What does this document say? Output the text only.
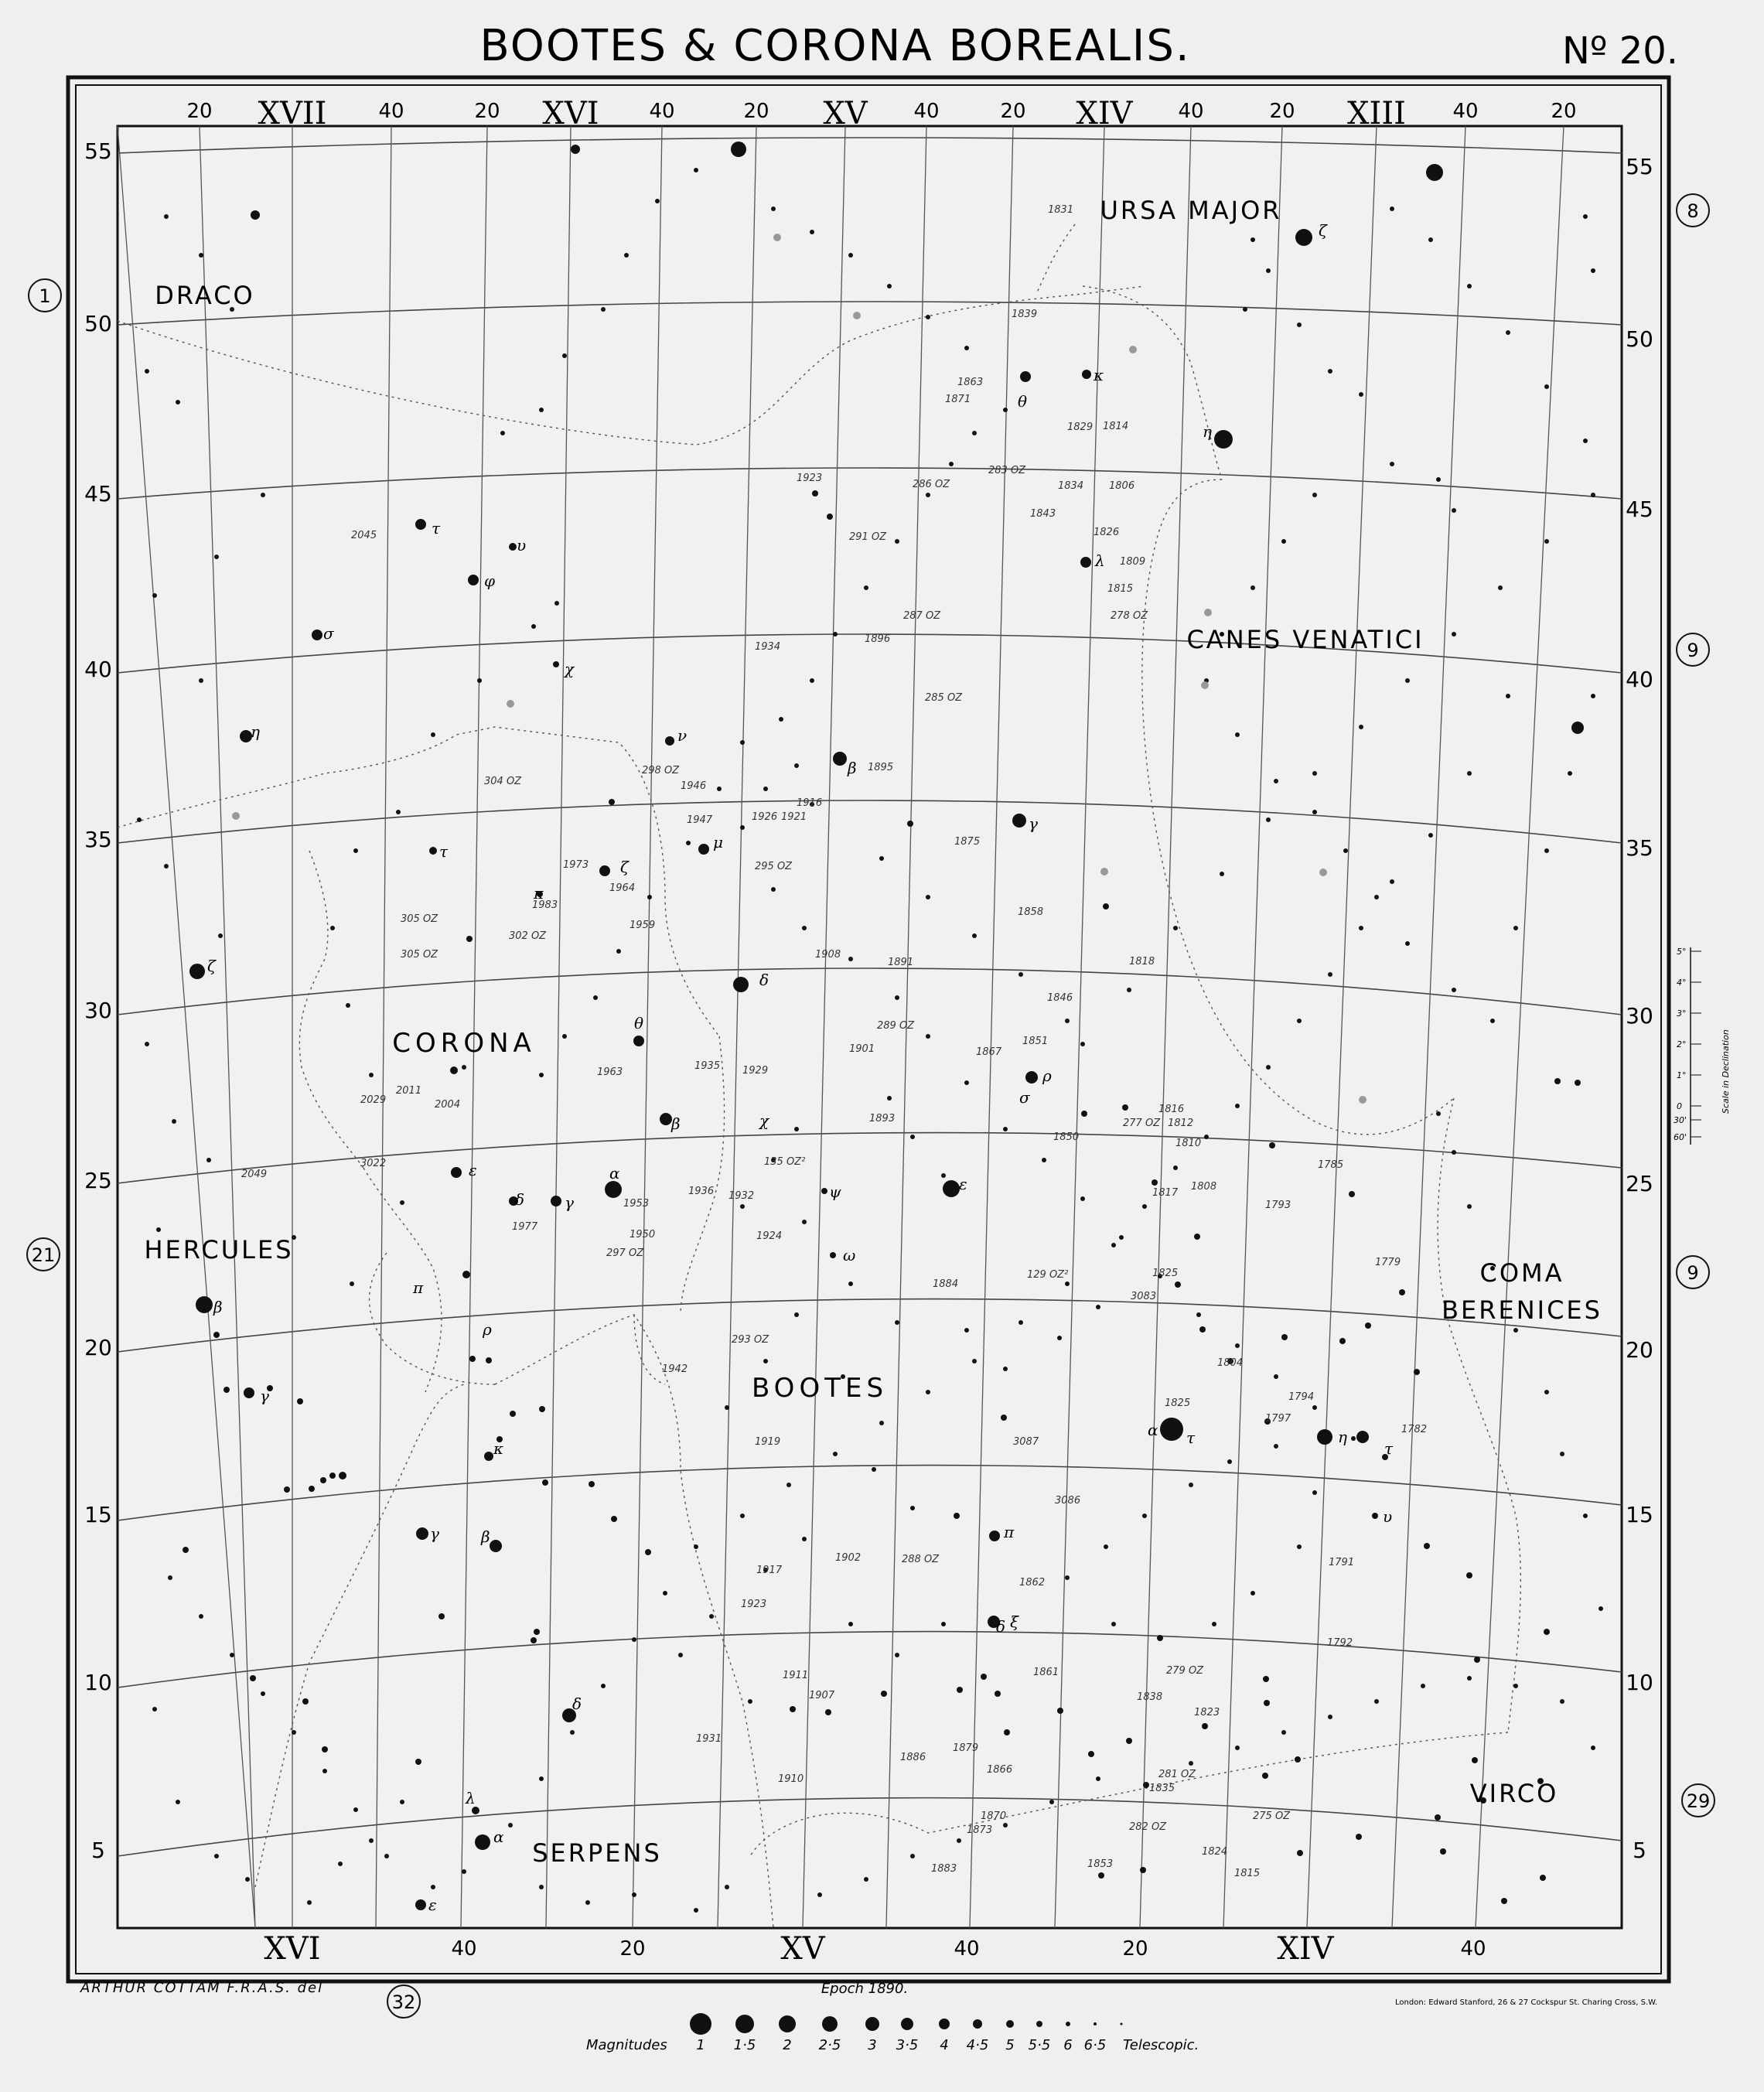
BOOTES & CORONA BOREALIS.	Nº 20.
20 XVII	40	20 XVI 40	20 XV 40	20 XIV 40	20 XIII 40	20
XVI	40	20	XV	40	20	XIV	40
55
50
45
40
35
30
25
20
15
10
5
55
50
45
40
35
30
25
20
15
10
5
DRACO
URSA MAJOR
CANES VENATICI
CORONA
HERCULES
BOOTES
COMA
BERENICES
VIRCO
SERPENS
1
21
8
9
9
29
32
α
ε
β
γ
δ
η
α
β
γ
δ
ε
θ
η
ζ
β
γ
ζ
η
α
λ
β
γ
δ
ε
κ
π
ρ
ξ
π
ρ
σ
δ
μ
λ
κ
θ
ζ
τ
τ
φ
υ
χ
σ
ν
ψ
ω
χ
κ
τ
υ
τ
1831
1839
1863
1871
1829 1814
1834	1806
1843
1826
1809
1815
1923
1934
1896
1895
1946
1947	1926
1916
1921
1875
1858
1818
1973
1983
1964
1959
1908
1891
1846
1901	1867
1851
1963
1935 1929
1893
1850
1816
1812
1810
1817
1808
1793
1785
1779
1953
1936 1932
1924
1950
1977
2029
2011
2004
3022
2049
1884
1825
3083
1804
1794
1797
1782
1825
1942
1919	3087
3086
1917
1902
1862
1923
1861
1838
1911
1907
1931
1910
1886
1879
1866
1870
1873
1883	1853
1835
1824
1815
1823
1792
1791
2045	291 OZ
287 OZ	278 OZ
298 OZ
304 OZ
295 OZ
305 OZ
305 OZ
302 OZ
289 OZ
277 OZ
135 OZ²
297 OZ
129 OZ²
293 OZ
288 OZ
279 OZ
281 OZ
282 OZ
275 OZ
286 OZ
283 OZ
285 OZ
5°
4°
3°
2°
1°
0
30'
60'
Scale in Declination
ARTHUR COTTAM F.R.A.S. del	Epoch 1890.
London: Edward Stanford, 26 & 27 Cockspur St. Charing Cross, S.W.
Magnitudes 1 1·5 2 2·5 3 3·5 4 4·5 5 5·5 6 6·5 Telescopic.
